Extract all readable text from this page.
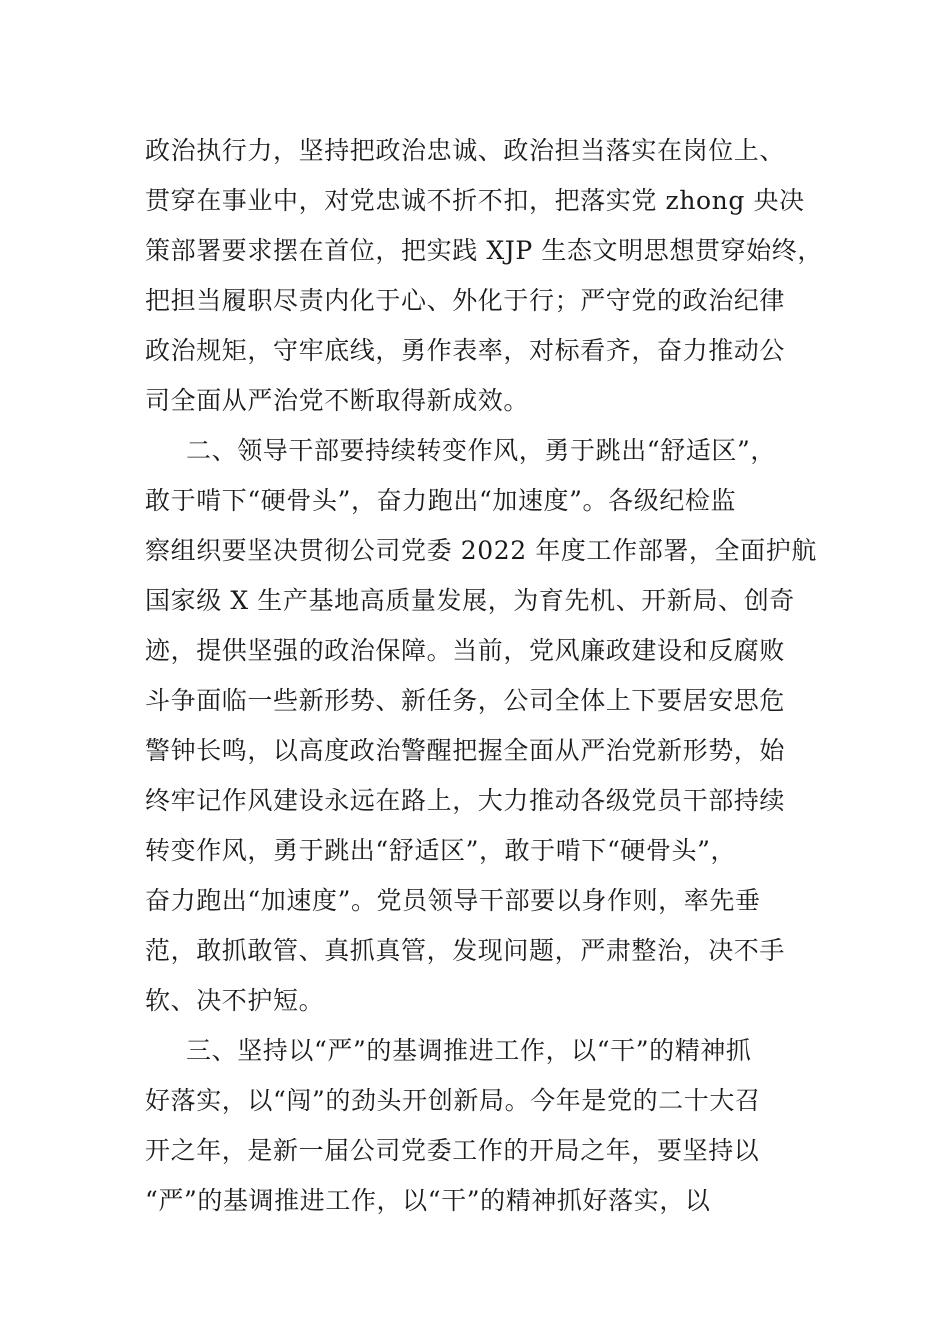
政治执行力，坚持把政治忠诚、政治担当落实在岗位上、
贯穿在事业中，对党忠诚不折不扣，把落实党 zhong 央决
策部署要求摆在首位，把实践 XJP 生态文明思想贯穿始终，
把担当履职尽责内化于心、外化于行；严守党的政治纪律
政治规矩，守牢底线，勇作表率，对标看齐，奋力推动公
司全面从严治党不断取得新成效。
二、领导干部要持续转变作风，勇于跳出“舒适区”，
敢于啃下“硬骨头”，奋力跑出“加速度”。各级纪检监
察组织要坚决贯彻公司党委 2022 年度工作部署，全面护航
国家级 X 生产基地高质量发展，为育先机、开新局、创奇
迹，提供坚强的政治保障。当前，党风廉政建设和反腐败
斗争面临一些新形势、新任务，公司全体上下要居安思危
警钟长鸣，以高度政治警醒把握全面从严治党新形势，始
终牢记作风建设永远在路上，大力推动各级党员干部持续
转变作风，勇于跳出“舒适区”，敢于啃下“硬骨头”，
奋力跑出“加速度”。党员领导干部要以身作则，率先垂
范，敢抓敢管、真抓真管，发现问题，严肃整治，决不手
软、决不护短。
三、坚持以“严”的基调推进工作，以“干”的精神抓
好落实，以“闯”的劲头开创新局。今年是党的二十大召
开之年，是新一届公司党委工作的开局之年，要坚持以
“严”的基调推进工作，以“干”的精神抓好落实，以
